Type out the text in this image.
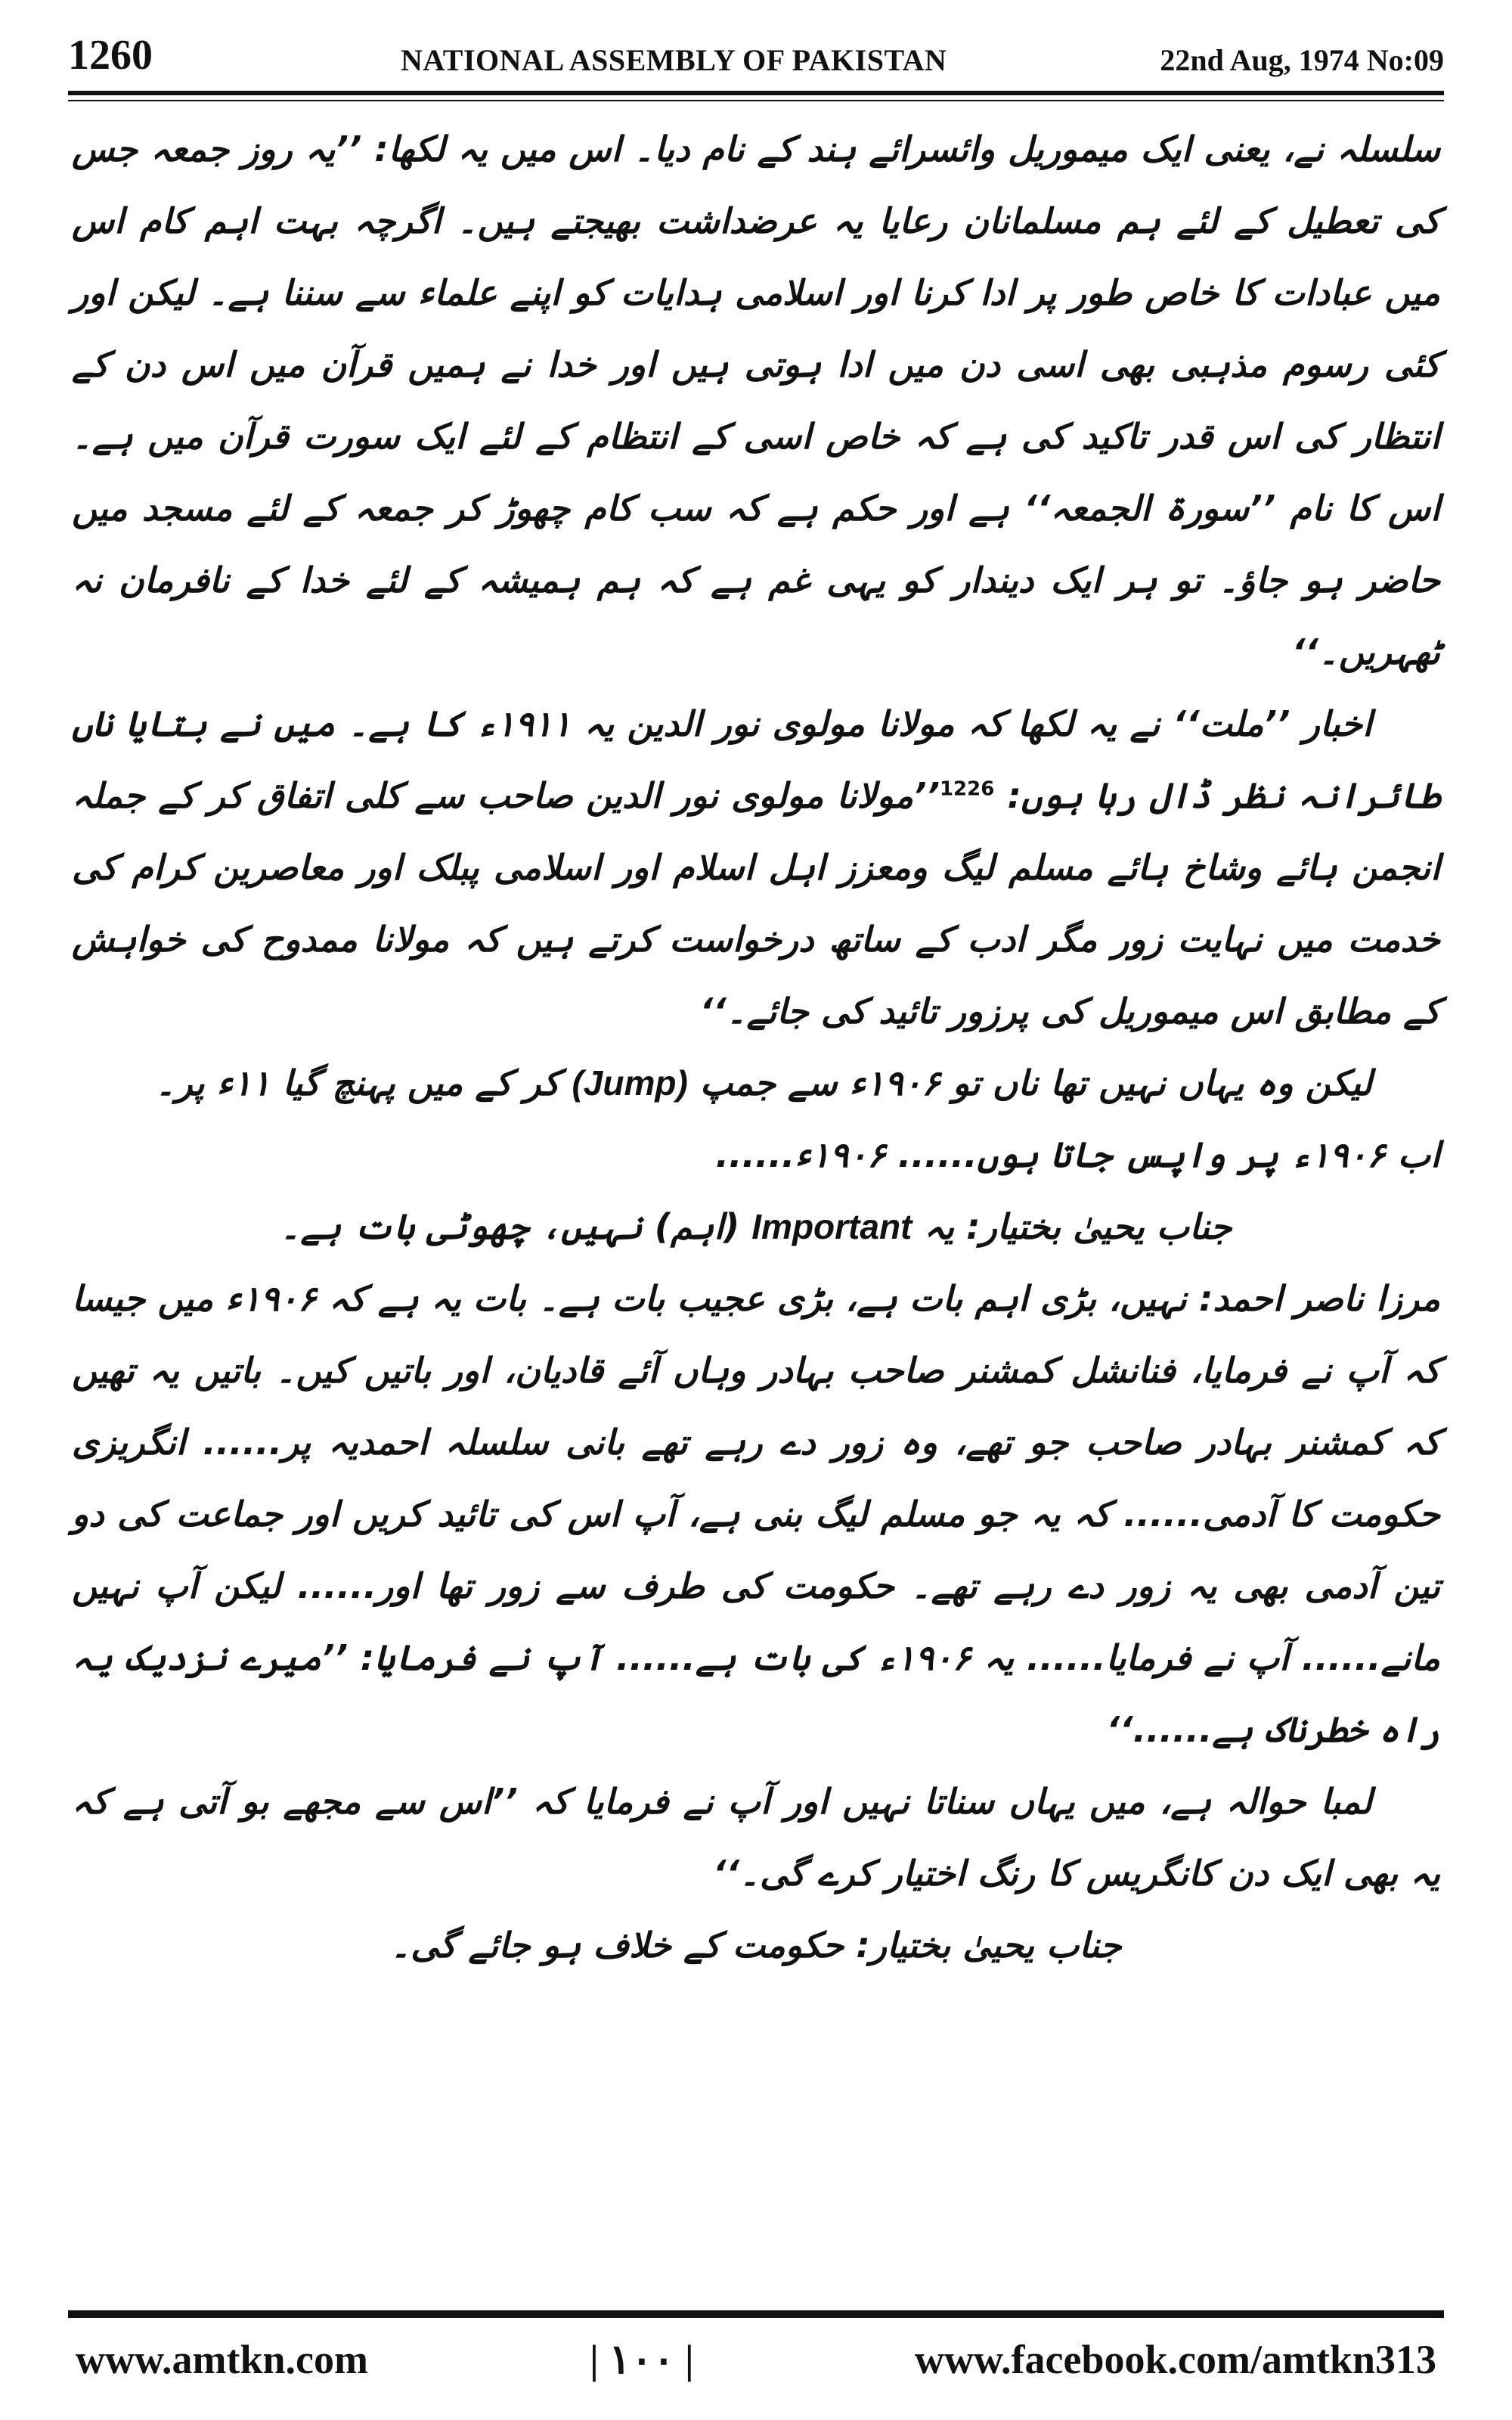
1260	NATIONAL ASSEMBLY OF PAKISTAN	22nd Aug, 1974 No:09

سلسلہ نے، یعنی ایک میموریل وائسرائے ہند کے نام دیا۔ اس میں یہ لکھا: ’’یہ روز جمعہ جس کی تعطیل کے لئے ہم مسلمانان رعایا یہ عرضداشت بھیجتے ہیں۔ اگرچہ بہت اہم کام اس میں عبادات کا خاص طور پر ادا کرنا اور اسلامی ہدایات کو اپنے علماء سے سننا ہے۔ لیکن اور کئی رسوم مذہبی بھی اسی دن میں ادا ہوتی ہیں اور خدا نے ہمیں قرآن میں اس دن کے انتظار کی اس قدر تاکید کی ہے کہ خاص اسی کے انتظام کے لئے ایک سورت قرآن میں ہے۔ اس کا نام ’’سورۃ الجمعہ‘‘ ہے اور حکم ہے کہ سب کام چھوڑ کر جمعہ کے لئے مسجد میں حاضر ہو جاؤ۔ تو ہر ایک دیندار کو یہی غم ہے کہ ہم ہمیشہ کے لئے خدا کے نافرمان نہ ٹھہریں۔‘‘

اخبار ’’ملت‘‘ نے یہ لکھا کہ مولانا مولوی نور الدین یہ ۱۹۱۱ء کا ہے۔ میں نے بتایا ناں طائرانہ نظر ڈال رہا ہوں: $^{1226}$’’مولانا مولوی نور الدین صاحب سے کلی اتفاق کر کے جملہ انجمن ہائے وشاخ ہائے مسلم لیگ ومعزز اہل اسلام اور اسلامی پبلک اور معاصرین کرام کی خدمت میں نہایت زور مگر ادب کے ساتھ درخواست کرتے ہیں کہ مولانا ممدوح کی خواہش کے مطابق اس میموریل کی پرزور تائید کی جائے۔‘‘

لیکن وہ یہاں نہیں تھا ناں تو ۱۹۰۶ء سے جمپ (Jump) کر کے میں پہنچ گیا ۱۱ء پر۔

اب ۱۹۰۶ء پر واپس جاتا ہوں...... ۱۹۰۶ء......

جناب یحییٰ بختیار: یہ Important (اہم) نہیں، چھوٹی بات ہے۔

مرزا ناصر احمد: نہیں، بڑی اہم بات ہے، بڑی عجیب بات ہے۔ بات یہ ہے کہ ۱۹۰۶ء میں جیسا کہ آپ نے فرمایا، فنانشل کمشنر صاحب بہادر وہاں آئے قادیان، اور باتیں کیں۔ باتیں یہ تھیں کہ کمشنر بہادر صاحب جو تھے، وہ زور دے رہے تھے بانی سلسلہ احمدیہ پر...... انگریزی حکومت کا آدمی...... کہ یہ جو مسلم لیگ بنی ہے، آپ اس کی تائید کریں اور جماعت کی دو تین آدمی بھی یہ زور دے رہے تھے۔ حکومت کی طرف سے زور تھا اور...... لیکن آپ نہیں مانے...... آپ نے فرمایا...... یہ ۱۹۰۶ء کی بات ہے...... آپ نے فرمایا: ’’میرے نزدیک یہ راہ خطرناک ہے......‘‘

لمبا حوالہ ہے، میں یہاں سناتا نہیں اور آپ نے فرمایا کہ ’’اس سے مجھے بو آتی ہے کہ یہ بھی ایک دن کانگریس کا رنگ اختیار کرے گی۔‘‘

جناب یحییٰ بختیار: حکومت کے خلاف ہو جائے گی۔

www.amtkn.com	| ۱۰۰ |	www.facebook.com/amtkn313
